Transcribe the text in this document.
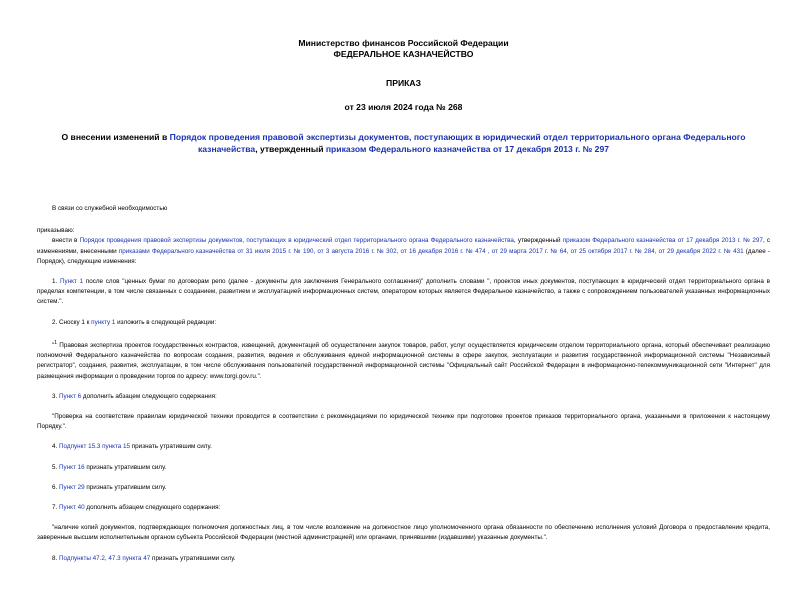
Министерство финансов Российской Федерации
ФЕДЕРАЛЬНОЕ КАЗНАЧЕЙСТВО
ПРИКАЗ
от 23 июля 2024 года № 268
О внесении изменений в Порядок проведения правовой экспертизы документов, поступающих в юридический отдел территориального органа Федерального казначейства, утвержденный приказом Федерального казначейства от 17 декабря 2013 г. № 297

В связи со служебной необходимостью

приказываю:

внести в Порядок проведения правовой экспертизы документов, поступающих в юридический отдел территориального органа Федерального казначейства, утвержденный приказом Федерального казначейства от 17 декабря 2013 г. № 297, с изменениями, внесенными приказами Федерального казначейства от 31 июля 2015 г. № 190, от 3 августа 2016 г. № 302, от 16 декабря 2016 г. № 474 , от 29 марта 2017 г. № 64, от 25 октября 2017 г. № 284, от 29 декабря 2022 г. № 431 (далее - Порядок), следующие изменения:

1. Пункт 1 после слов "ценных бумаг по договорам репо (далее - документы для заключения Генерального соглашения)" дополнить словами ", проектов иных документов, поступающих в юридический отдел территориального органа в пределах компетенции, в том числе связанных с созданием, развитием и эксплуатацией информационных систем, оператором которых является Федеральное казначейство, а также с сопровождением пользователей указанных информационных систем.".

2. Сноску 1 к пункту 1 изложить в следующей редакции:

"$^1$ Правовая экспертиза проектов государственных контрактов, извещений, документаций об осуществлении закупок товаров, работ, услуг осуществляется юридическим отделом территориального органа, который обеспечивает реализацию полномочий Федерального казначейства по вопросам создания, развития, ведения и обслуживания единой информационной системы в сфере закупок, эксплуатации и развития государственной информационной системы "Независимый регистратор", создания, развития, эксплуатации, в том числе обслуживания пользователей государственной информационной системы "Официальный сайт Российской Федерации в информационно-телекоммуникационной сети "Интернет" для размещения информации о проведении торгов по адресу: www.torgi.gov.ru.".

3. Пункт 6 дополнить абзацем следующего содержания:

"Проверка на соответствие правилам юридической техники проводится в соответствии с рекомендациями по юридической технике при подготовке проектов приказов территориального органа, указанными в приложении к настоящему Порядку.".

4. Подпункт 15.3 пункта 15 признать утратившим силу.

5. Пункт 16 признать утратившим силу.

6. Пункт 29 признать утратившим силу.

7. Пункт 40 дополнить абзацем следующего содержания:

"наличие копий документов, подтверждающих полномочия должностных лиц, в том числе возложение на должностное лицо уполномоченного органа обязанности по обеспечению исполнения условий Договора о предоставлении кредита, заверенные высшим исполнительным органом субъекта Российской Федерации (местной администрацией) или органами, принявшими (издавшими) указанные документы.".

8. Подпункты 47.2, 47.3 пункта 47 признать утратившими силу.
